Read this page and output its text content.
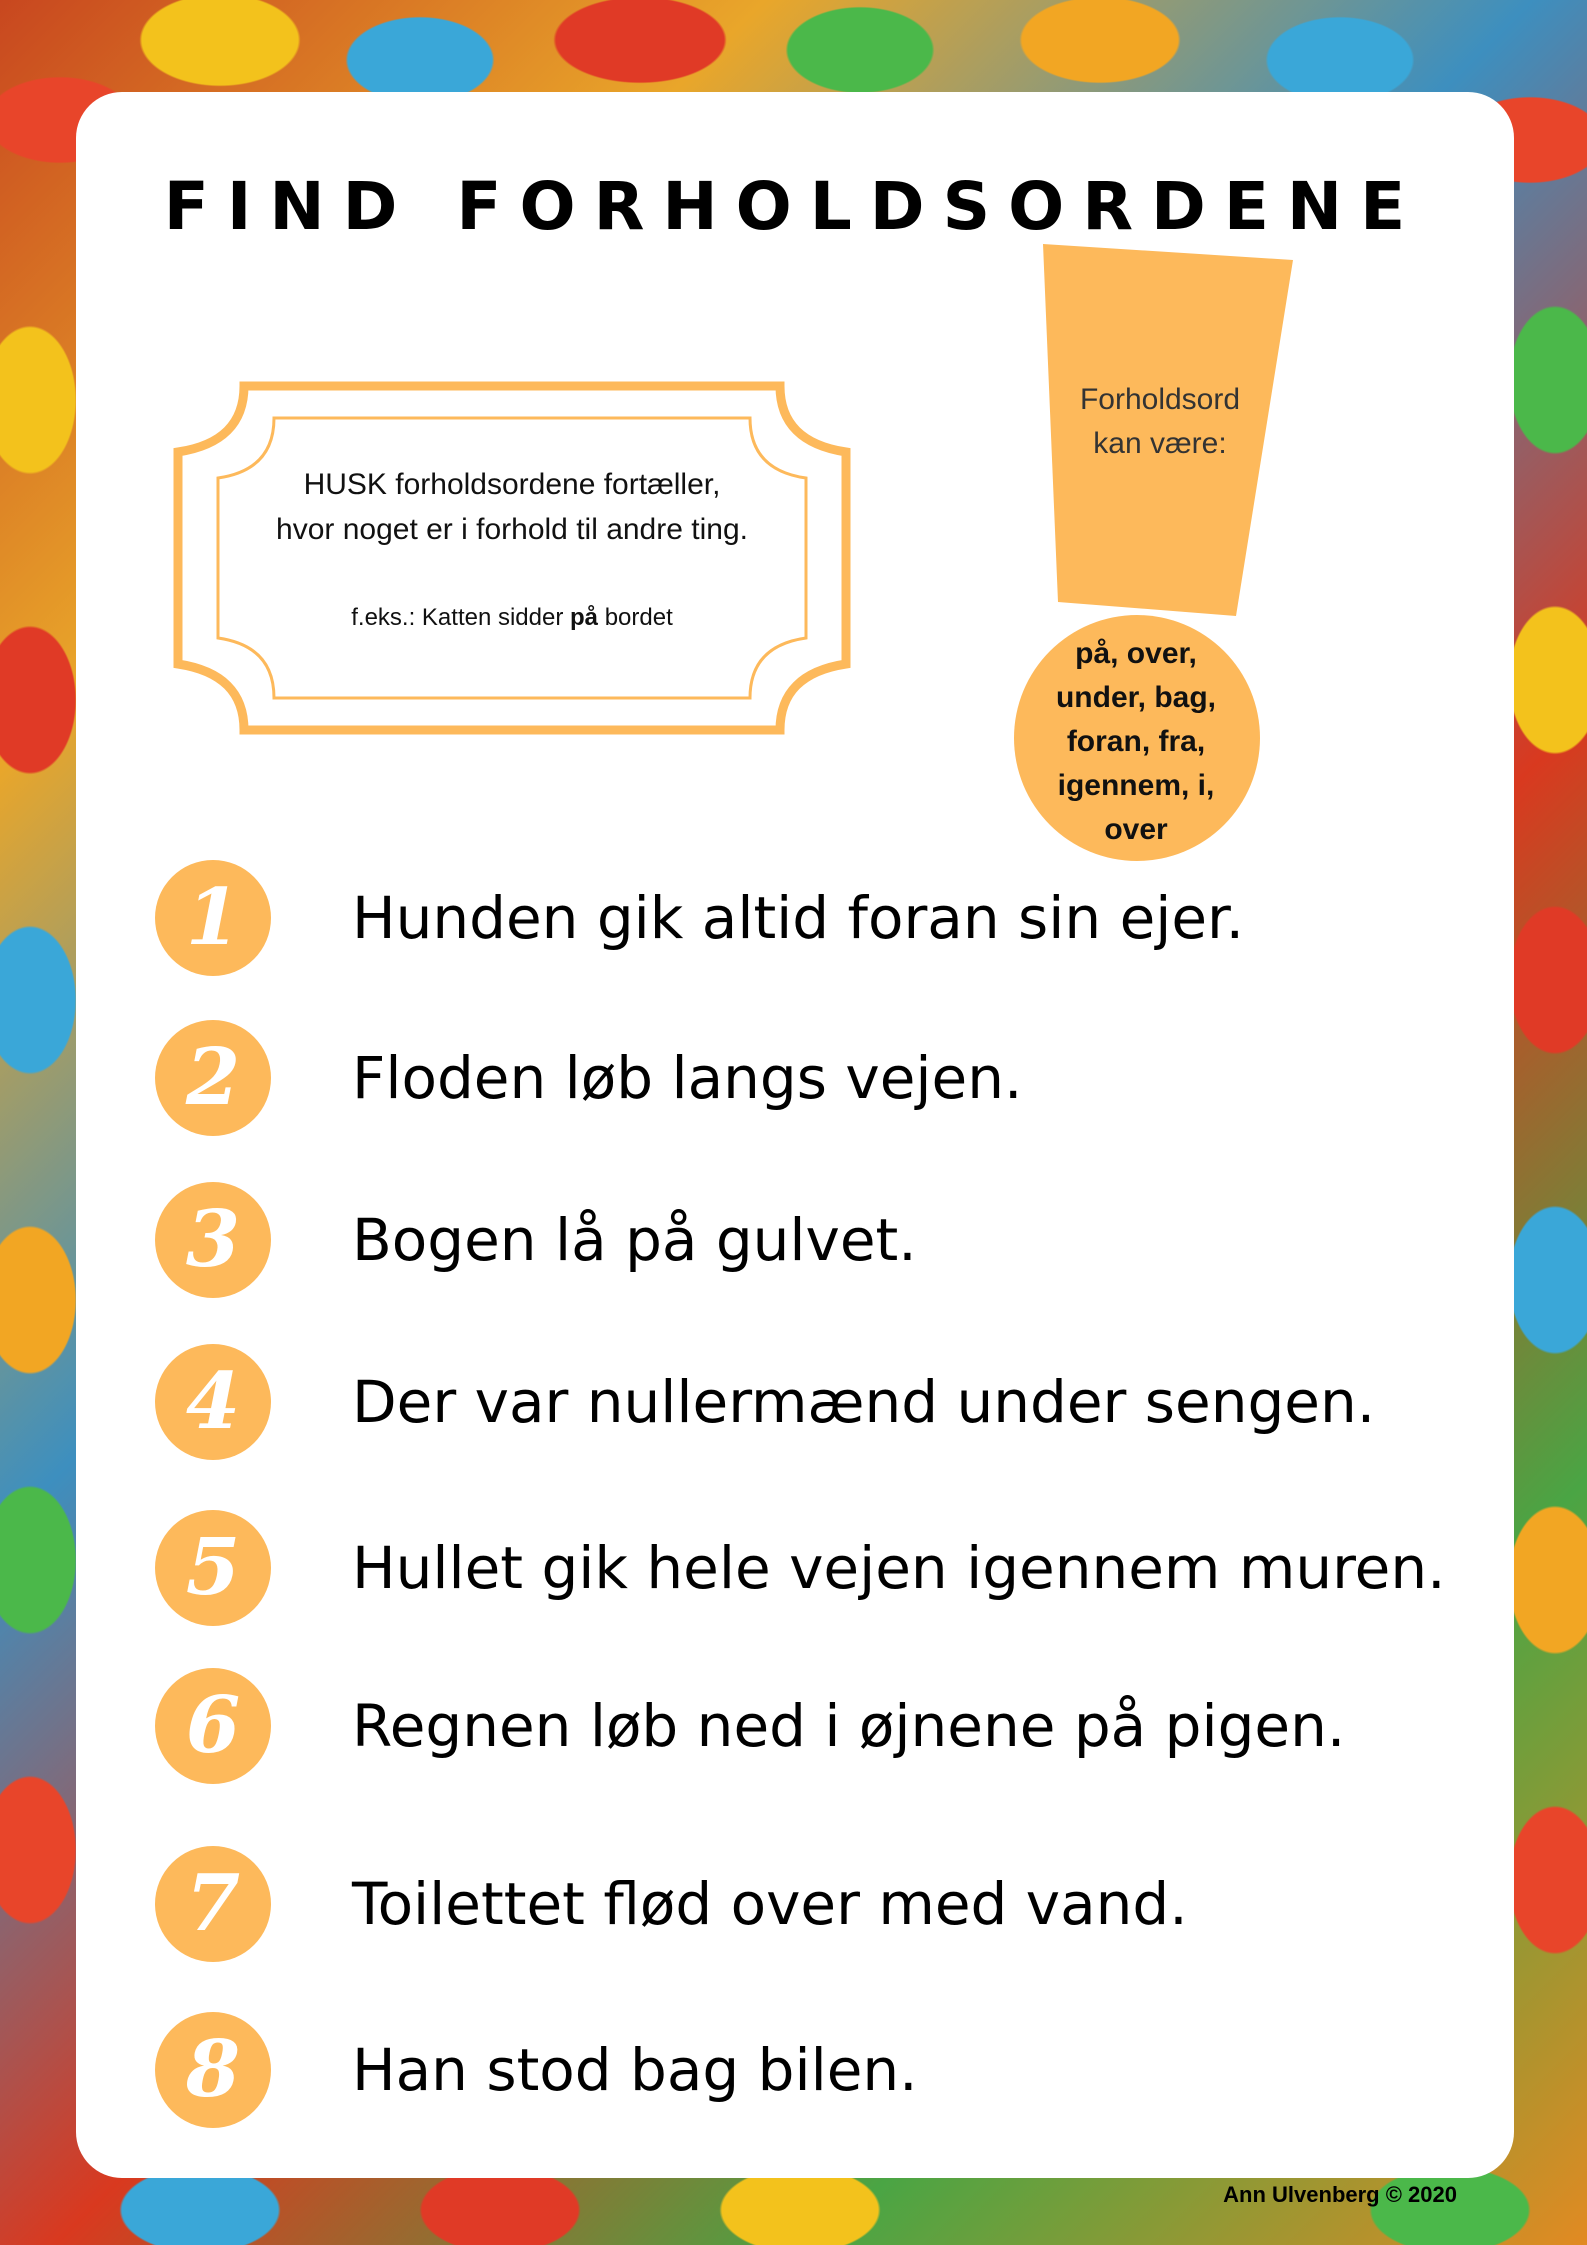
FIND FORHOLDSORDENE
HUSK forholdsordene fortæller,
hvor noget er i forhold til andre ting.
f.eks.: Katten sidder på bordet
Forholdsord
kan være:
på, over,
under, bag,
foran, fra,
igennem, i,
over
1	Hunden gik altid foran sin ejer.
2	Floden løb langs vejen.
3	Bogen lå på gulvet.
4	Der var nullermænd under sengen.
5	Hullet gik hele vejen igennem muren.
6	Regnen løb ned i øjnene på pigen.
7	Toilettet flød over med vand.
8	Han stod bag bilen.
Ann Ulvenberg © 2020
